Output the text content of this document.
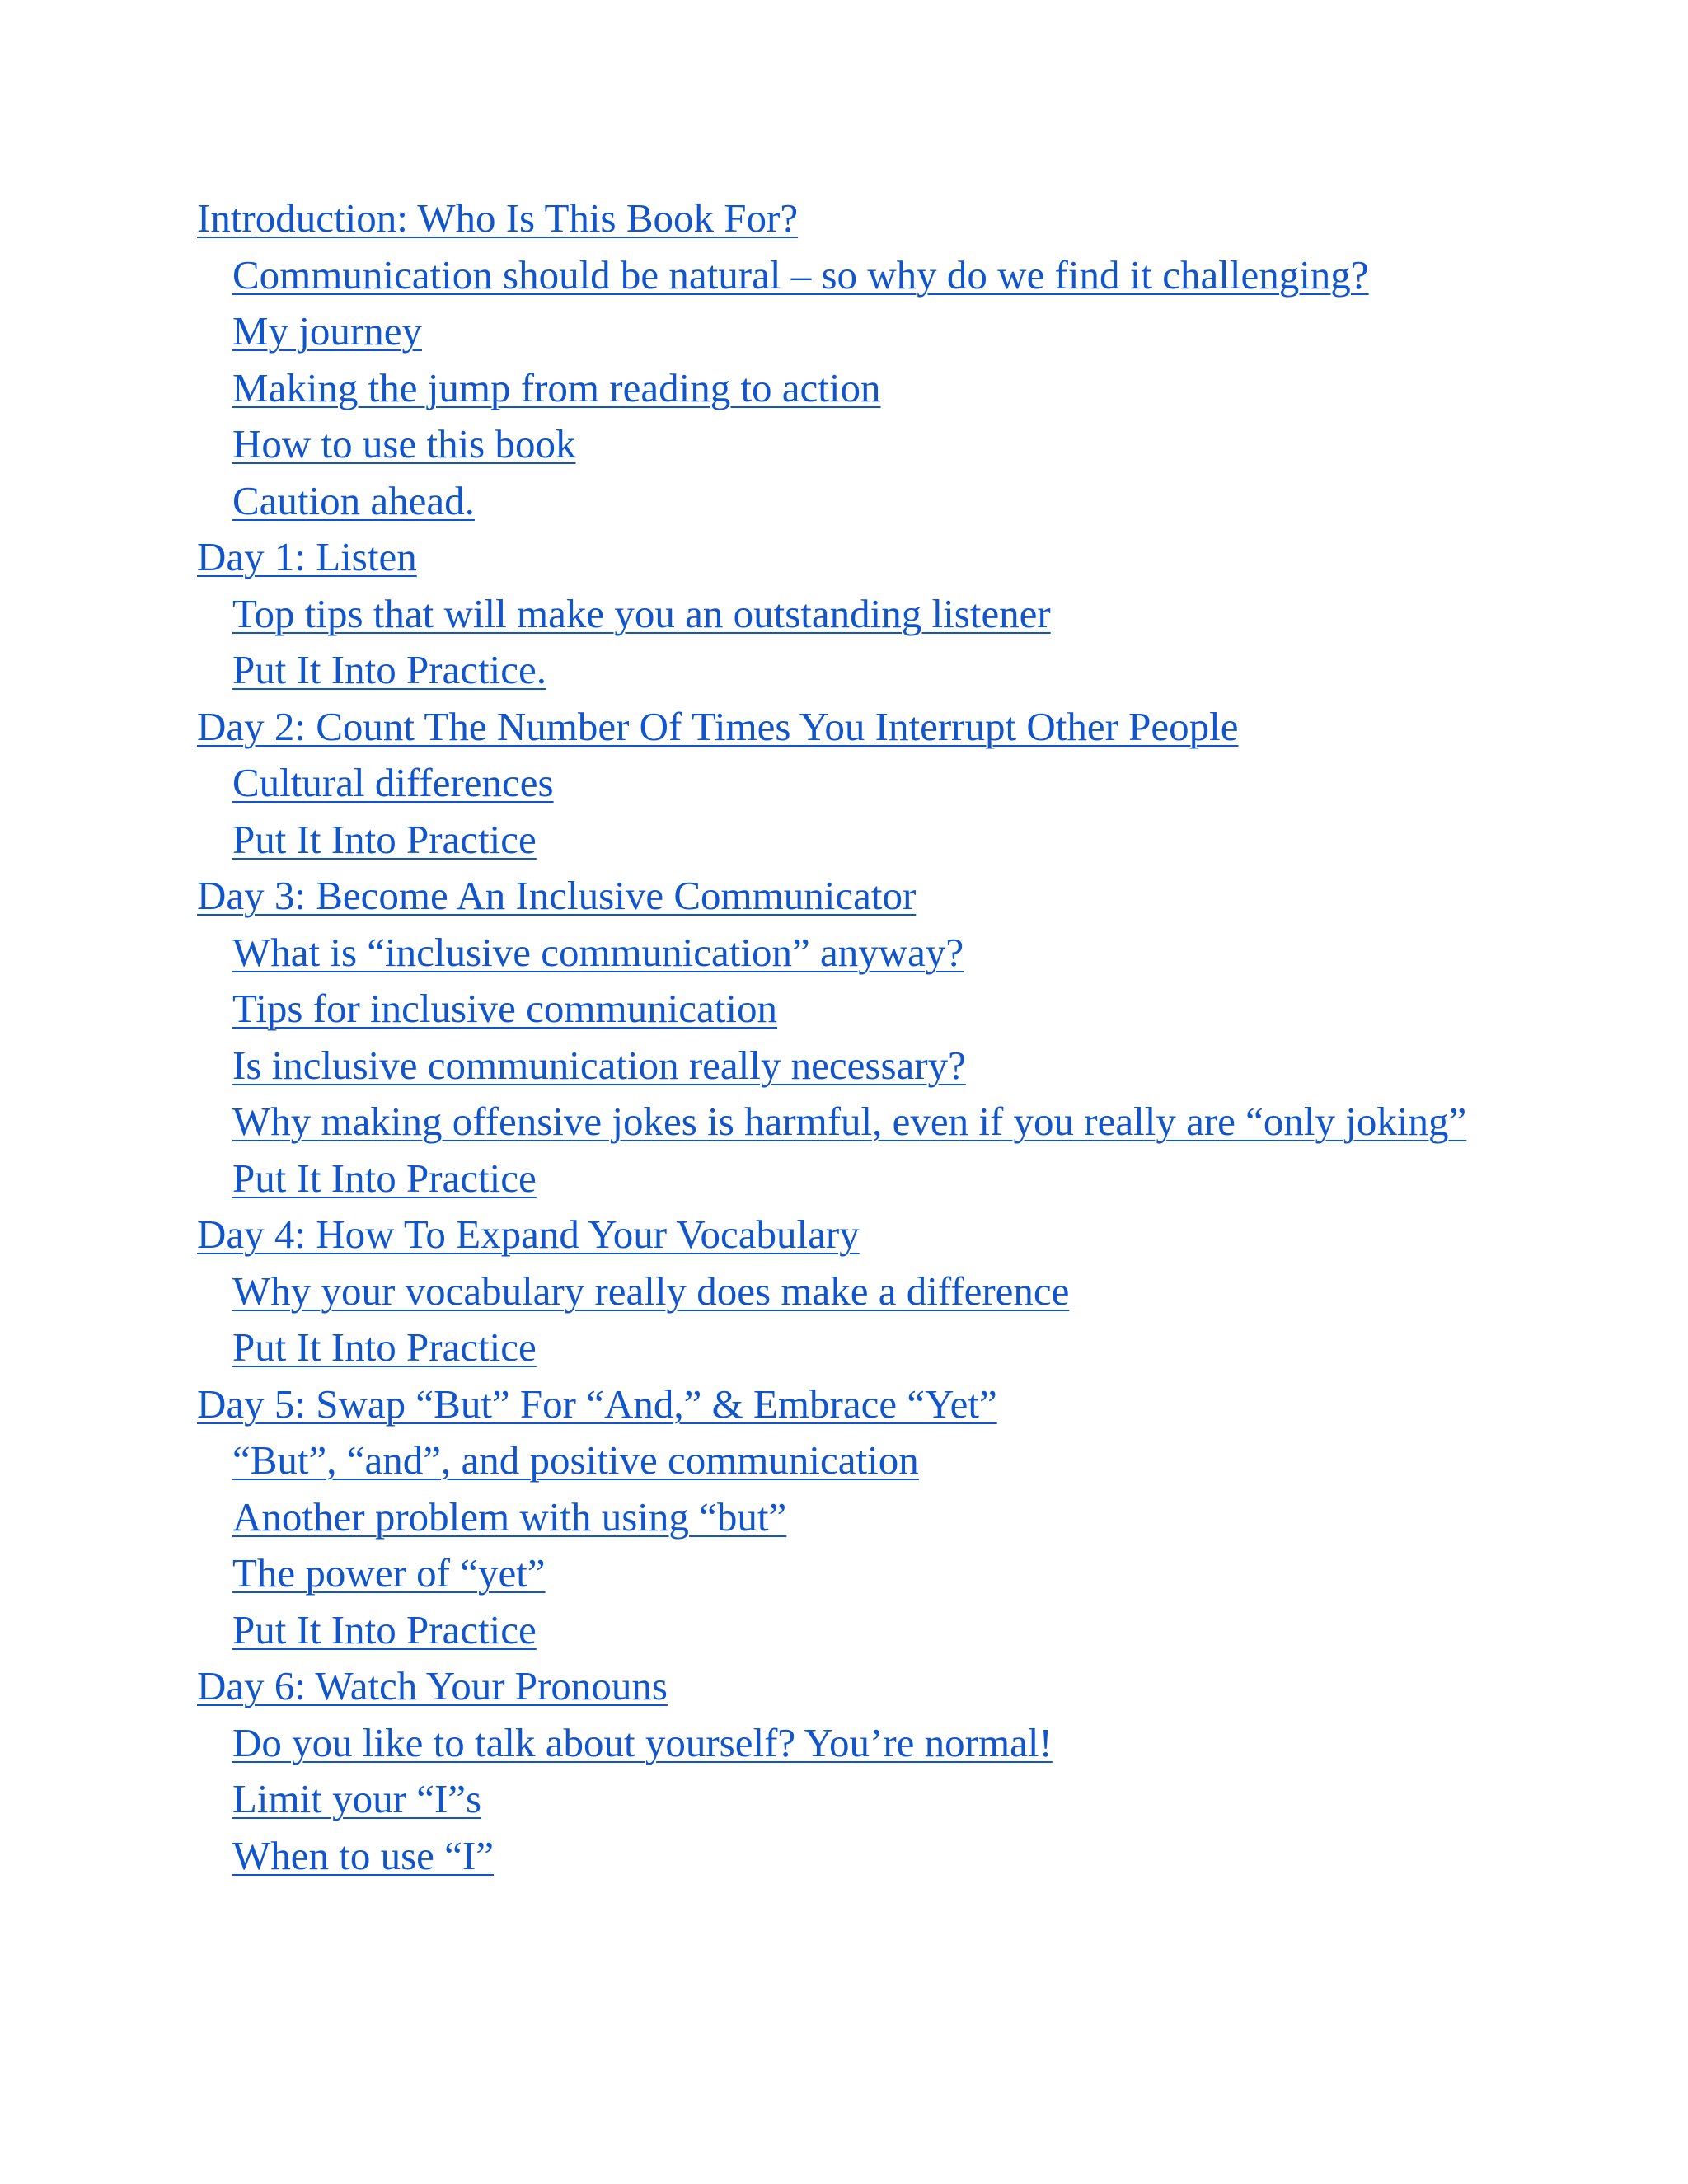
Introduction: Who Is This Book For?
Communication should be natural – so why do we find it challenging?
My journey
Making the jump from reading to action
How to use this book
Caution ahead.
Day 1: Listen
Top tips that will make you an outstanding listener
Put It Into Practice.
Day 2: Count The Number Of Times You Interrupt Other People
Cultural differences
Put It Into Practice
Day 3: Become An Inclusive Communicator
What is “inclusive communication” anyway?
Tips for inclusive communication
Is inclusive communication really necessary?
Why making offensive jokes is harmful, even if you really are “only joking”
Put It Into Practice
Day 4: How To Expand Your Vocabulary
Why your vocabulary really does make a difference
Put It Into Practice
Day 5: Swap “But” For “And,” & Embrace “Yet”
“But”, “and”, and positive communication
Another problem with using “but”
The power of “yet”
Put It Into Practice
Day 6: Watch Your Pronouns
Do you like to talk about yourself? You’re normal!
Limit your “I”s
When to use “I”
